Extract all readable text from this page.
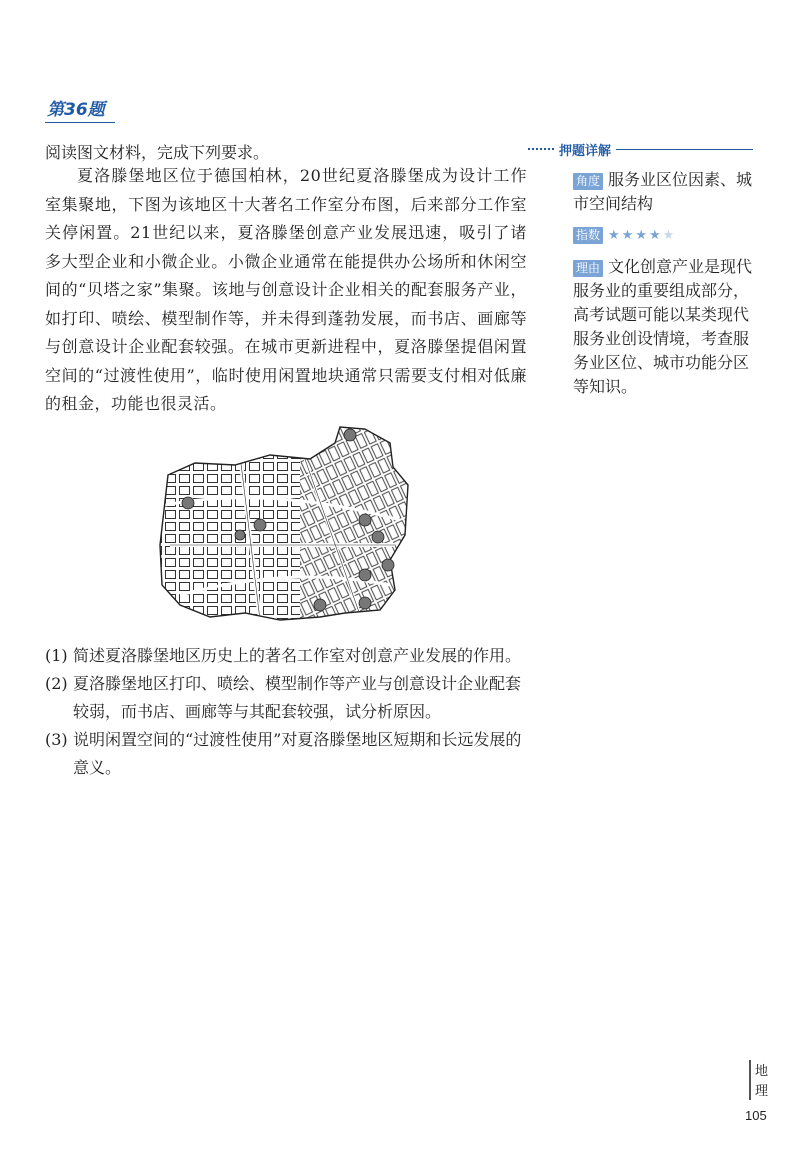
第36题
阅读图文材料，完成下列要求。
夏洛滕堡地区位于德国柏林，20世纪夏洛滕堡成为设计工作室集聚地，下图为该地区十大著名工作室分布图，后来部分工作室关停闲置。21世纪以来，夏洛滕堡创意产业发展迅速，吸引了诸多大型企业和小微企业。小微企业通常在能提供办公场所和休闲空间的“贝塔之家”集聚。该地与创意设计企业相关的配套服务产业，如打印、喷绘、模型制作等，并未得到蓬勃发展，而书店、画廊等与创意设计企业配套较强。在城市更新进程中，夏洛滕堡提倡闲置空间的“过渡性使用”，临时使用闲置地块通常只需要支付相对低廉的租金，功能也很灵活。
(1) 简述夏洛滕堡地区历史上的著名工作室对创意产业发展的作用。
(2) 夏洛滕堡地区打印、喷绘、模型制作等产业与创意设计企业配套较弱，而书店、画廊等与其配套较强，试分析原因。
(3) 说明闲置空间的“过渡性使用”对夏洛滕堡地区短期和长远发展的意义。
押题详解
角度 服务业区位因素、城市空间结构
指数 ★★★★★
理由 文化创意产业是现代服务业的重要组成部分，高考试题可能以某类现代服务业创设情境，考查服务业区位、城市功能分区等知识。
地
理
105
